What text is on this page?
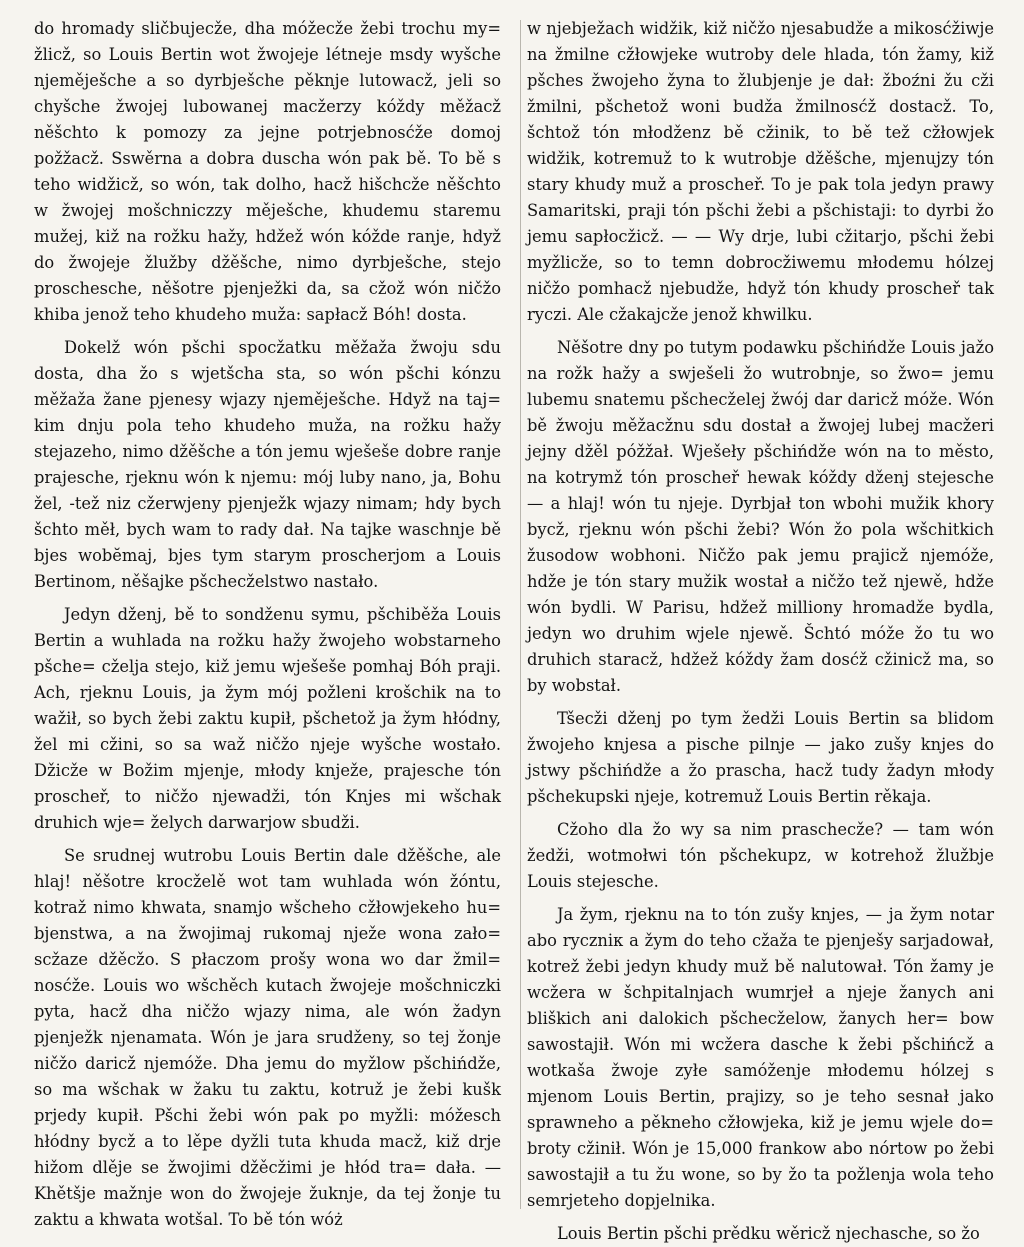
do hromady sličbujecže, dha móžecže žebi trochu my= žlicž, so Louis Bertin wot žwojeje létneje msdy wyšche njeměješche a so dyrbješche pěknje lutowacž, jeli so chyšche žwojej lubowanej macžerzy kóždy měžacž něšchto k pomozy za jejne potrjebnosćže domoj požžacž. Sswěrna a dobra duscha wón pak bě. To bě s teho widžicž, so wón, tak dolho, hacž hišchcže něšchto w žwojej mošchniczzy měješche, khudemu staremu mužej, kiž na rožku hažy, hdžež wón kóžde ranje, hdyž do žwojeje žlužby džěšche, nimo dyrbješche, stejo proschesche, něšotre pjenježki da, sa cžož wón ničžo khiba jenož teho khudeho muža: sapłacž Bóh! dosta.

Dokelž wón pšchi spocžatku měžaža žwoju sdu dosta, dha žo s wjetšcha sta, so wón pšchi kónzu měžaža žane pjenesy wjazy njeměješche. Hdyž na taj= kim dnju pola teho khudeho muža, na rožku hažy stejazeho, nimo džěšche a tón jemu wješeše dobre ranje prajesche, rjeknu wón k njemu: mój luby nano, ja, Bohu žel, -tež niz cžerwjeny pjenježk wjazy nimam; hdy bych šchto měł, bych wam to rady dał. Na tajke waschnje bě bjes wobĕmaj, bjes tym starym proscherjom a Louis Bertinom, něšajke pšchecželstwo nastało.

Jedyn dženj, bě to sondženu symu, pšchiběža Louis Bertin a wuhlada na rožku hažy žwojeho wobstarneho pšche= cželja stejo, kiž jemu wješeše pomhaj Bóh praji. Ach, rjeknu Louis, ja žym mój požleni krošchik na to wažił, so bych žebi zaktu kupił, pšchetož ja žym hłódny, žel mi cžini, so sa waž ničžo njeje wyšche wostało. Džicže w Božim mjenje, młody knježe, prajesche tón proscheř, to ničžo njewadži, tón Knjes mi wšchak druhich wje= želych darwarjow sbudži.

Se srudnej wutrobu Louis Bertin dale džěšche, ale hlaj! něšotre krocželě wot tam wuhlada wón žóntu, kotraž nimo khwata, snamjo wšcheho cžłowjekeho hu= bjenstwa, a na žwojimaj rukomaj nježe wona zało= scžaze džěcžo. S płaczom prošy wona wo dar žmil= nosćže. Louis wo wšchěch kutach žwojeje mošchniczki pyta, hacž dha ničžo wjazy nima, ale wón žadyn pjenježk njenamata. Wón je jara srudženy, so tej žonje ničžo daricž njemóže. Dha jemu do myžlow pšchińdže, so ma wšchak w žaku tu zaktu, kotruž je žebi kušk prjedy kupił. Pšchi žebi wón pak po myžli: móžesch hłódny bycž a to lěpe dyžli tuta khuda macž, kiž drje hižom dlěje se žwojimi džěcžimi je hłód tra= dała. — Khětšje mažnje won do žwojeje žuknje, da tej žonje tu zaktu a khwata wotšal. To bě tón wóż

w njebježach widžik, kiž ničžo njesabudže a mikosćžiwje na žmilne cžłowjeke wutroby dele hlada, tón žamy, kiž pšches žwojeho žyna to žlubjenje je dał: žboźni žu cži žmilni, pšchetož woni budža žmilnosćž dostacž. To, šchtož tón młodženz bě cžinik, to bě tež cžłowjek widžik, kotremuž to k wutrobje džěšche, mjenujzy tón stary khudy muž a proscheř. To je pak tola jedyn prawy Samaritski, praji tón pšchi žebi a pšchistaji: to dyrbi žo jemu sapłocžicž. — — Wy drje, lubi cžitarjo, pšchi žebi myžlicže, so to temn dobrocžiwemu młodemu hólzej ničžo pomhacž njebudže, hdyž tón khudy proscheř tak ryczi. Ale cžakajcže jenož khwilku.

Něšotre dny po tutym podawku pšchińdže Louis jažo na rožk hažy a swješeli žo wutrobnje, so žwo= jemu lubemu snatemu pšchecželej žwój dar daricž móže. Wón bě žwoju měžacžnu sdu dostał a žwojej lubej macžeri jejny džěl póžžał. Wješeły pšchińdže wón na to město, na kotrymž tón proscheř hewak kóždy dženj stejesche — a hlaj! wón tu njeje. Dyrbjał ton wbohi mužik khory bycž, rjeknu wón pšchi žebi? Wón žo pola wšchitkich žusodow wobhoni. Ničžo pak jemu prajicž njemóže, hdže je tón stary mužik wostał a ničžo tež njewě, hdže wón bydli. W Parisu, hdžež milliony hromadže bydla, jedyn wo druhim wjele njewě. Šchtó móže žo tu wo druhich staracž, hdžež kóždy žam dosćž cžinicž ma, so by wobstał.

Tšecži dženj po tym žedži Louis Bertin sa blidom žwojeho knjesa a pische pilnje — jako zušy knjes do jstwy pšchińdže a žo prascha, hacž tudy žadyn młody pšchekupski njeje, kotremuž Louis Bertin rěkaja.

Cžoho dla žo wy sa nim praschecže? — tam wón žedži, wotmołwi tón pšchekupz, w kotrehož žlužbje Louis stejesche.

Ja žym, rjeknu na to tón zušy knjes, — ja žym notar abo ryczniк a žym do teho cžaža te pjenješy sarjadował, kotrež žebi jedyn khudy muž bě nalutował. Tón žamy je wcžera w šchpitalnjach wumrjeł a njeje žanych ani bliškich ani dalokich pšchecželow, žanych her= bow sawostajił. Wón mi wcžera dasche k žebi pšchińcž a wotkaša žwoje zyłe samóženje młodemu hólzej s mjenom Louis Bertin, prajizy, so je teho sesnał jako sprawneho a pěkneho cžłowjeka, kiž je jemu wjele do= broty cžinił. Wón je 15,000 frankow abo nórtow po žebi sawostajił a tu žu wone, so by žo ta požlenja wola teho semrjeteho dopjelnika.

Louis Bertin pšchi prědku wěricž njechasche, so žo
